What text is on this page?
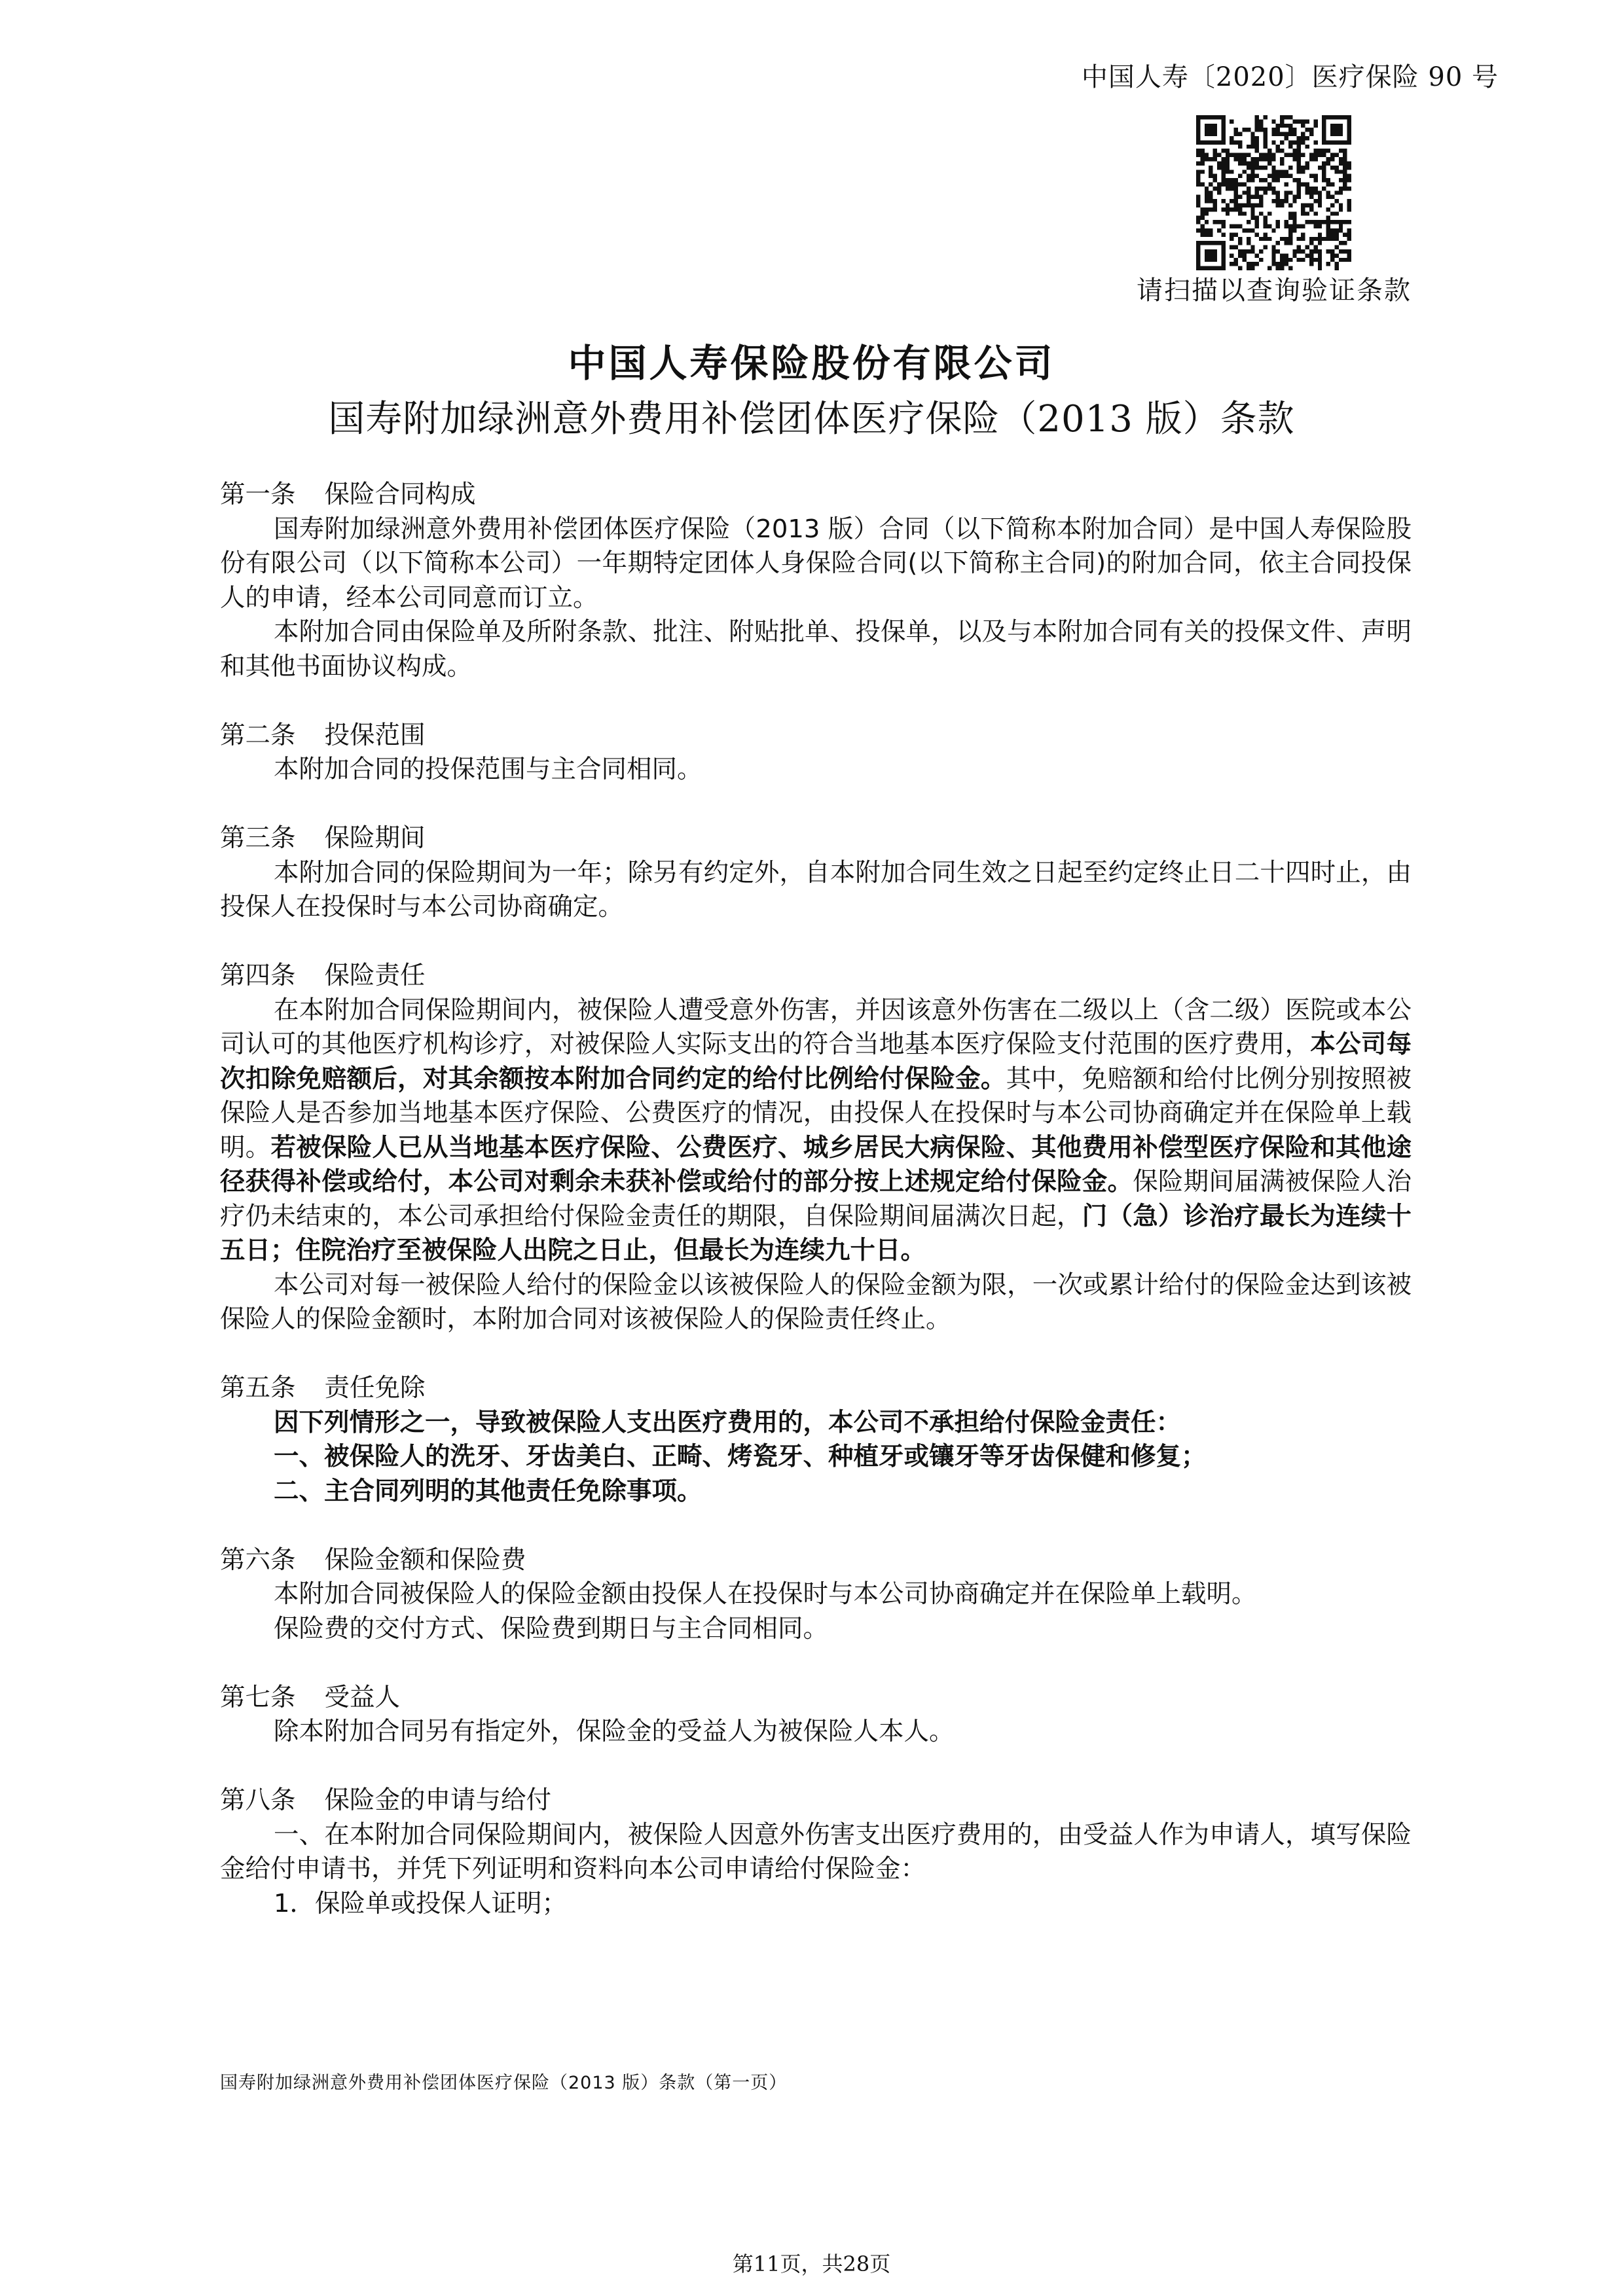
中国人寿〔2020〕医疗保险 90 号
请扫描以查询验证条款
中国人寿保险股份有限公司
国寿附加绿洲意外费用补偿团体医疗保险（2013 版）条款
第一条 保险合同构成

国寿附加绿洲意外费用补偿团体医疗保险（2013 版）合同（以下简称本附加合同）是中国人寿保险股份有限公司（以下简称本公司）一年期特定团体人身保险合同(以下简称主合同)的附加合同，依主合同投保人的申请，经本公司同意而订立。

本附加合同由保险单及所附条款、批注、附贴批单、投保单，以及与本附加合同有关的投保文件、声明和其他书面协议构成。

第二条 投保范围

本附加合同的投保范围与主合同相同。

第三条 保险期间

本附加合同的保险期间为一年；除另有约定外，自本附加合同生效之日起至约定终止日二十四时止，由投保人在投保时与本公司协商确定。

第四条 保险责任

在本附加合同保险期间内，被保险人遭受意外伤害，并因该意外伤害在二级以上（含二级）医院或本公司认可的其他医疗机构诊疗，对被保险人实际支出的符合当地基本医疗保险支付范围的医疗费用，本公司每次扣除免赔额后，对其余额按本附加合同约定的给付比例给付保险金。其中，免赔额和给付比例分别按照被保险人是否参加当地基本医疗保险、公费医疗的情况，由投保人在投保时与本公司协商确定并在保险单上载明。若被保险人已从当地基本医疗保险、公费医疗、城乡居民大病保险、其他费用补偿型医疗保险和其他途径获得补偿或给付，本公司对剩余未获补偿或给付的部分按上述规定给付保险金。保险期间届满被保险人治疗仍未结束的，本公司承担给付保险金责任的期限，自保险期间届满次日起，门（急）诊治疗最长为连续十五日；住院治疗至被保险人出院之日止，但最长为连续九十日。

本公司对每一被保险人给付的保险金以该被保险人的保险金额为限，一次或累计给付的保险金达到该被保险人的保险金额时，本附加合同对该被保险人的保险责任终止。

第五条 责任免除

因下列情形之一，导致被保险人支出医疗费用的，本公司不承担给付保险金责任：

一、被保险人的洗牙、牙齿美白、正畸、烤瓷牙、种植牙或镶牙等牙齿保健和修复；

二、主合同列明的其他责任免除事项。

第六条 保险金额和保险费

本附加合同被保险人的保险金额由投保人在投保时与本公司协商确定并在保险单上载明。

保险费的交付方式、保险费到期日与主合同相同。

第七条 受益人

除本附加合同另有指定外，保险金的受益人为被保险人本人。

第八条 保险金的申请与给付

一、在本附加合同保险期间内，被保险人因意外伤害支出医疗费用的，由受益人作为申请人，填写保险金给付申请书，并凭下列证明和资料向本公司申请给付保险金：

1．保险单或投保人证明；

国寿附加绿洲意外费用补偿团体医疗保险（2013 版）条款（第一页）
第11页，共28页
